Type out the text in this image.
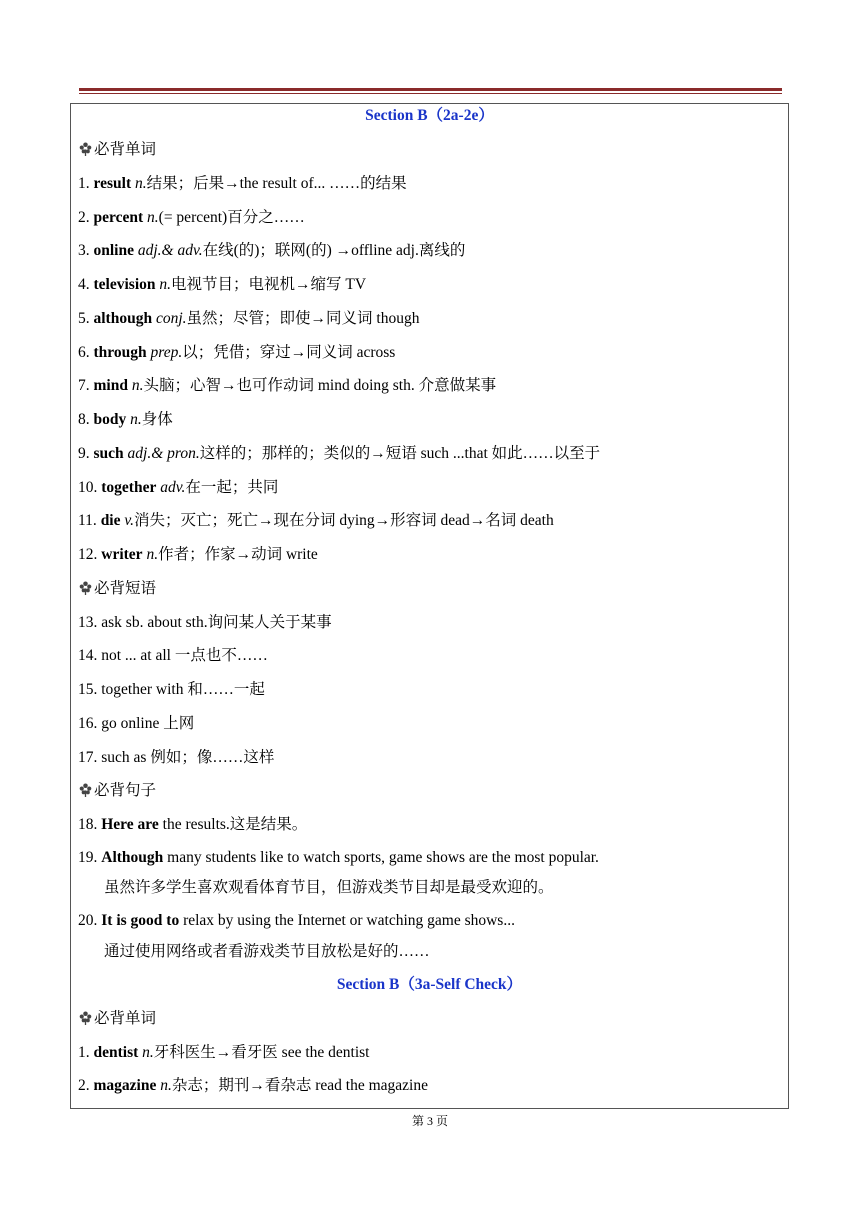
Section B（2a-2e）
必背单词
1. result n.结果；后果→the result of... ……的结果
2. percent n.(= percent)百分之……
3. online adj.& adv.在线(的)；联网(的) →offline adj.离线的
4. television n.电视节目；电视机→缩写 TV
5. although conj.虽然；尽管；即使→同义词 though
6. through prep.以；凭借；穿过→同义词 across
7. mind n.头脑；心智→也可作动词 mind doing sth. 介意做某事
8. body n.身体
9. such adj.& pron.这样的；那样的；类似的→短语 such ...that 如此……以至于
10. together adv.在一起；共同
11. die v.消失；灭亡；死亡→现在分词 dying→形容词 dead→名词 death
12. writer n.作者；作家→动词 write
必背短语
13. ask sb. about sth.询问某人关于某事
14. not ... at all 一点也不……
15. together with 和……一起
16. go online 上网
17. such as 例如；像……这样
必背句子
18. Here are the results.这是结果。
19. Although many students like to watch sports, game shows are the most popular.
虽然许多学生喜欢观看体育节目，但游戏类节目却是最受欢迎的。
20. It is good to relax by using the Internet or watching game shows...
通过使用网络或者看游戏类节目放松是好的……
Section B（3a-Self Check）
必背单词
1. dentist n.牙科医生→看牙医 see the dentist
2. magazine n.杂志；期刊→看杂志 read the magazine
第 3 页
